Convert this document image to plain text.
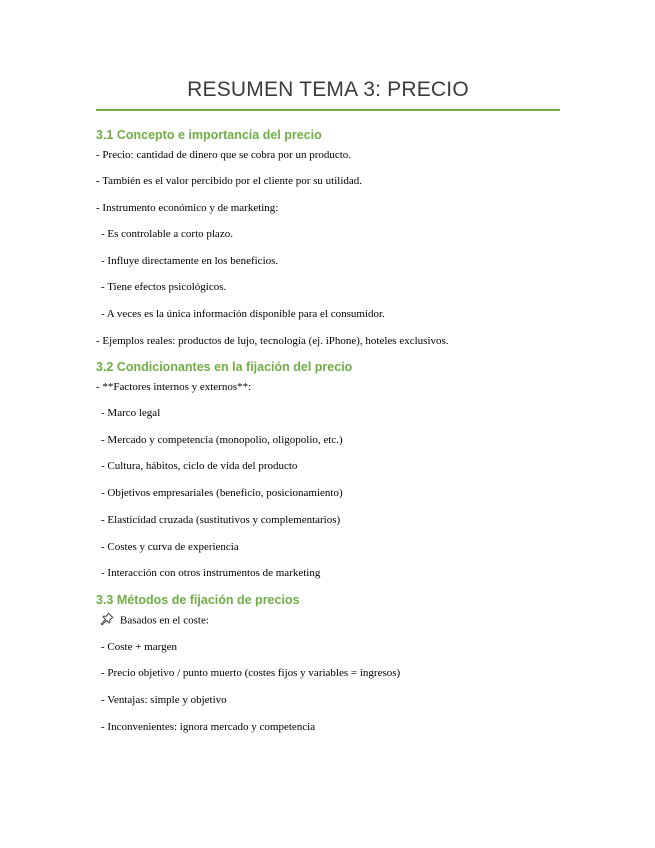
RESUMEN TEMA 3: PRECIO
3.1 Concepto e importancia del precio
- Precio: cantidad de dinero que se cobra por un producto.
- También es el valor percibido por el cliente por su utilidad.
- Instrumento económico y de marketing:
- Es controlable a corto plazo.
- Influye directamente en los beneficios.
- Tiene efectos psicológicos.
- A veces es la única información disponible para el consumidor.
- Ejemplos reales: productos de lujo, tecnología (ej. iPhone), hoteles exclusivos.
3.2 Condicionantes en la fijación del precio
- **Factores internos y externos**:
- Marco legal
- Mercado y competencia (monopolio, oligopolio, etc.)
- Cultura, hábitos, ciclo de vida del producto
- Objetivos empresariales (beneficio, posicionamiento)
- Elasticidad cruzada (sustitutivos y complementarios)
- Costes y curva de experiencia
- Interacción con otros instrumentos de marketing
3.3 Métodos de fijación de precios
Basados en el coste:
- Coste + margen
- Precio objetivo / punto muerto (costes fijos y variables = ingresos)
- Ventajas: simple y objetivo
- Inconvenientes: ignora mercado y competencia
